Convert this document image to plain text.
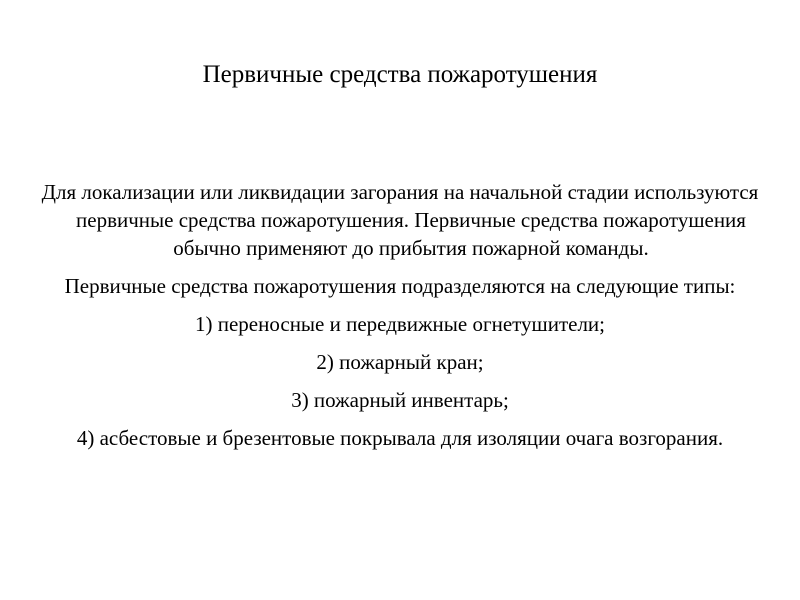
Первичные средства пожаротушения

Для локализации или ликвидации загорания на начальной стадии используются первичные средства пожаротушения. Первичные средства пожаротушения обычно применяют до прибытия пожарной команды.

Первичные средства пожаротушения подразделяются на следующие типы:

1) переносные и передвижные огнетушители;

2) пожарный кран;

3) пожарный инвентарь;

4) асбестовые и брезентовые покрывала для изоляции очага возгорания.
